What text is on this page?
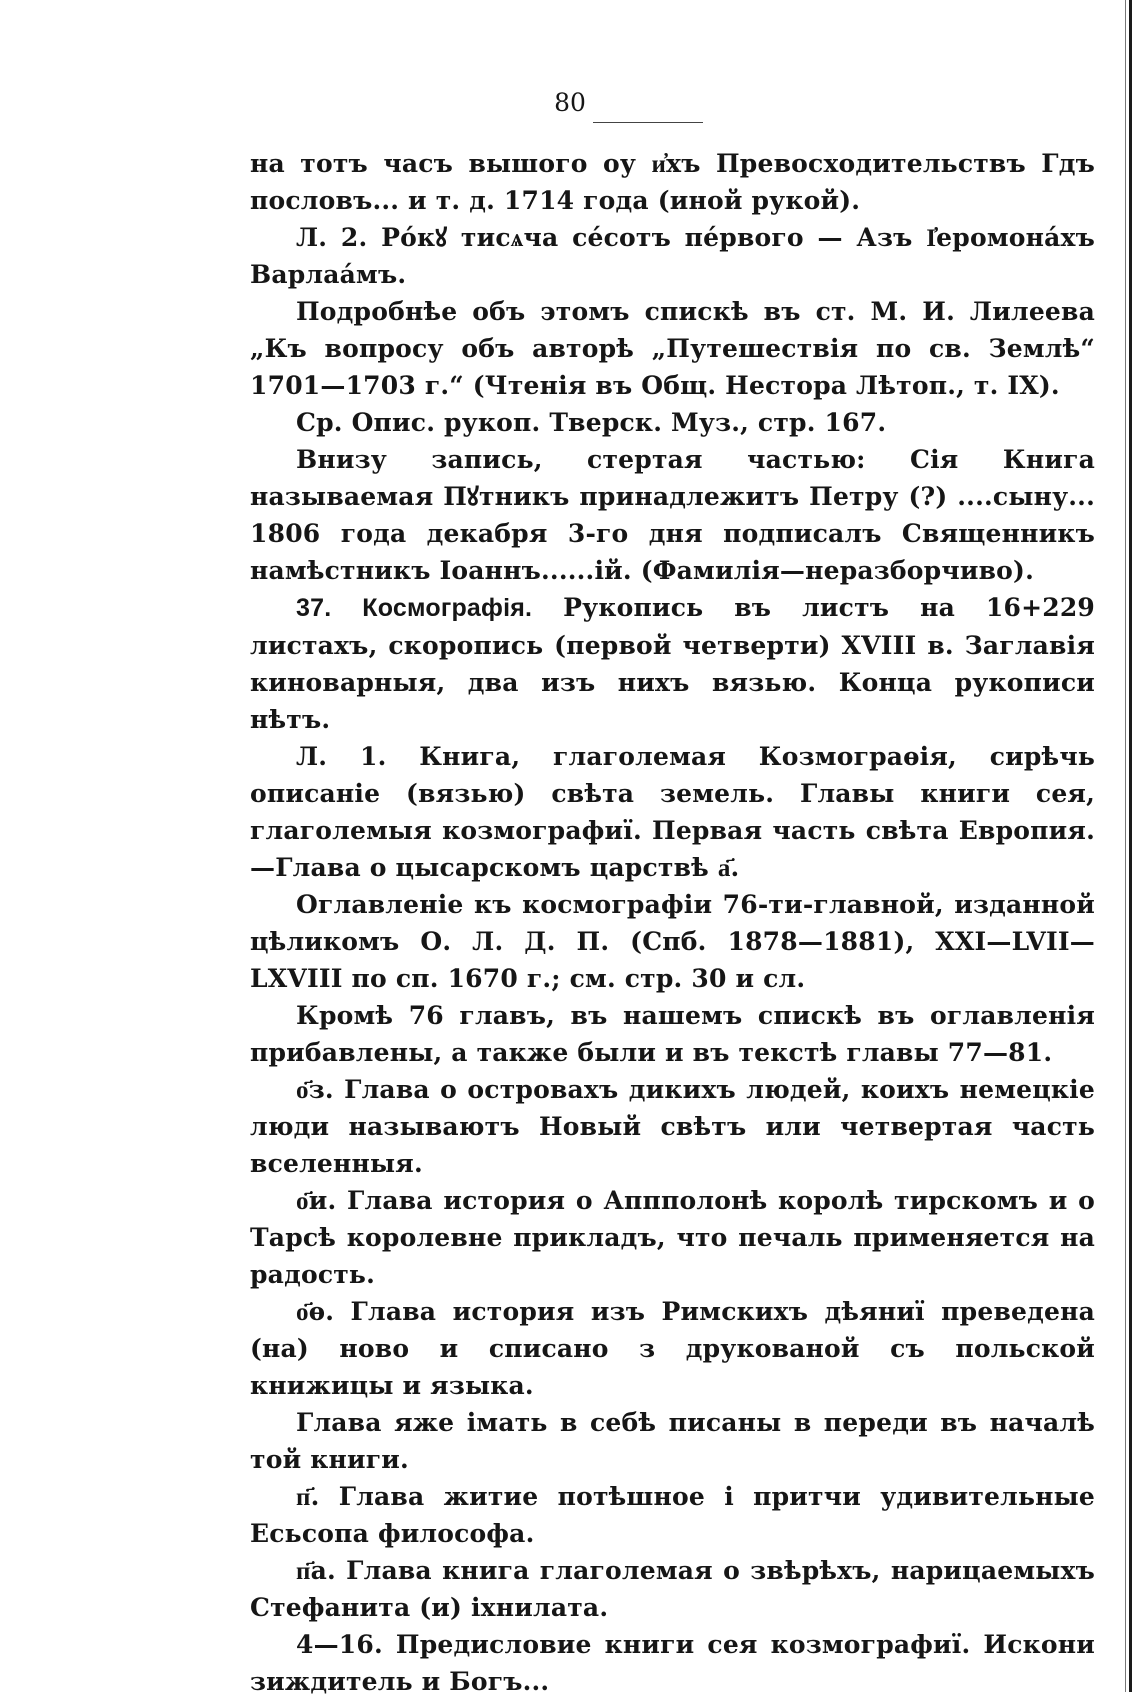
80

на тотъ часъ вышого оу и҆хъ Превосходительствъ Гдъ пословъ... и т. д. 1714 года (иной рукой).

Л. 2. Ро́кꙋ тисѧча се́сотъ пе́рвого — Азъ І҆еромона́хъ Варлаа́мъ.

Подробнѣе объ этомъ спискѣ въ ст. М. И. Лилеева „Къ вопросу объ авторѣ „Путешествія по св. Землѣ“ 1701—1703 г.“ (Чтенія въ Общ. Нестора Лѣтоп., т. IX).

Ср. Опис. рукоп. Тверск. Муз., стр. 167.

Внизу запись, стертая частью: Сія Книга называемая Пꙋтникъ принадлежитъ Петру (?) ....сыну... 1806 года декабря 3-го дня подписалъ Священникъ намѣстникъ Іоаннъ......ій. (Фамилія—неразборчиво).

37. Космографія. Рукопись въ листъ на 16+229 листахъ, скоропись (первой четверти) XVIII в. Заглавія киноварныя, два изъ нихъ вязью. Конца рукописи нѣтъ.

Л. 1. Книга, глаголемая Козмограѳія, сирѣчь описаніе (вязью) свѣта земель. Главы книги сея, глаголемыя козмографиї. Первая часть свѣта Европия.—Глава о цысарскомъ царствѣ а҃.

Оглавленіе къ космографіи 76-ти-главной, изданной цѣликомъ О. Л. Д. П. (Спб. 1878—1881), XXI—LVII—LXVIII по сп. 1670 г.; см. стр. 30 и сл.

Кромѣ 76 главъ, въ нашемъ спискѣ въ оглавленія прибавлены, а также были и въ текстѣ главы 77—81.

о҃з. Глава о островахъ дикихъ людей, коихъ немецкіе люди называютъ Новый свѣтъ или четвертая часть вселенныя.

о҃и. Глава история о Аппполонѣ королѣ тирскомъ и о Тарсѣ королевне прикладъ, что печаль применяется на радость.

о҃ѳ. Глава история изъ Римскихъ дѣяниї преведена (на) ново и списано з друкованой съ польской книжицы и языка.

Глава яже імать в себѣ писаны в переди въ началѣ той книги.

п҃. Глава житие потѣшное і притчи удивительные Есьсопа философа.

п҃а. Глава книга глаголемая о звѣрѣхъ, нарицаемыхъ Стефанита (и) іхнилата.

4—16. Предисловие книги сея козмографиї. Искони зиждитель и Богъ...
